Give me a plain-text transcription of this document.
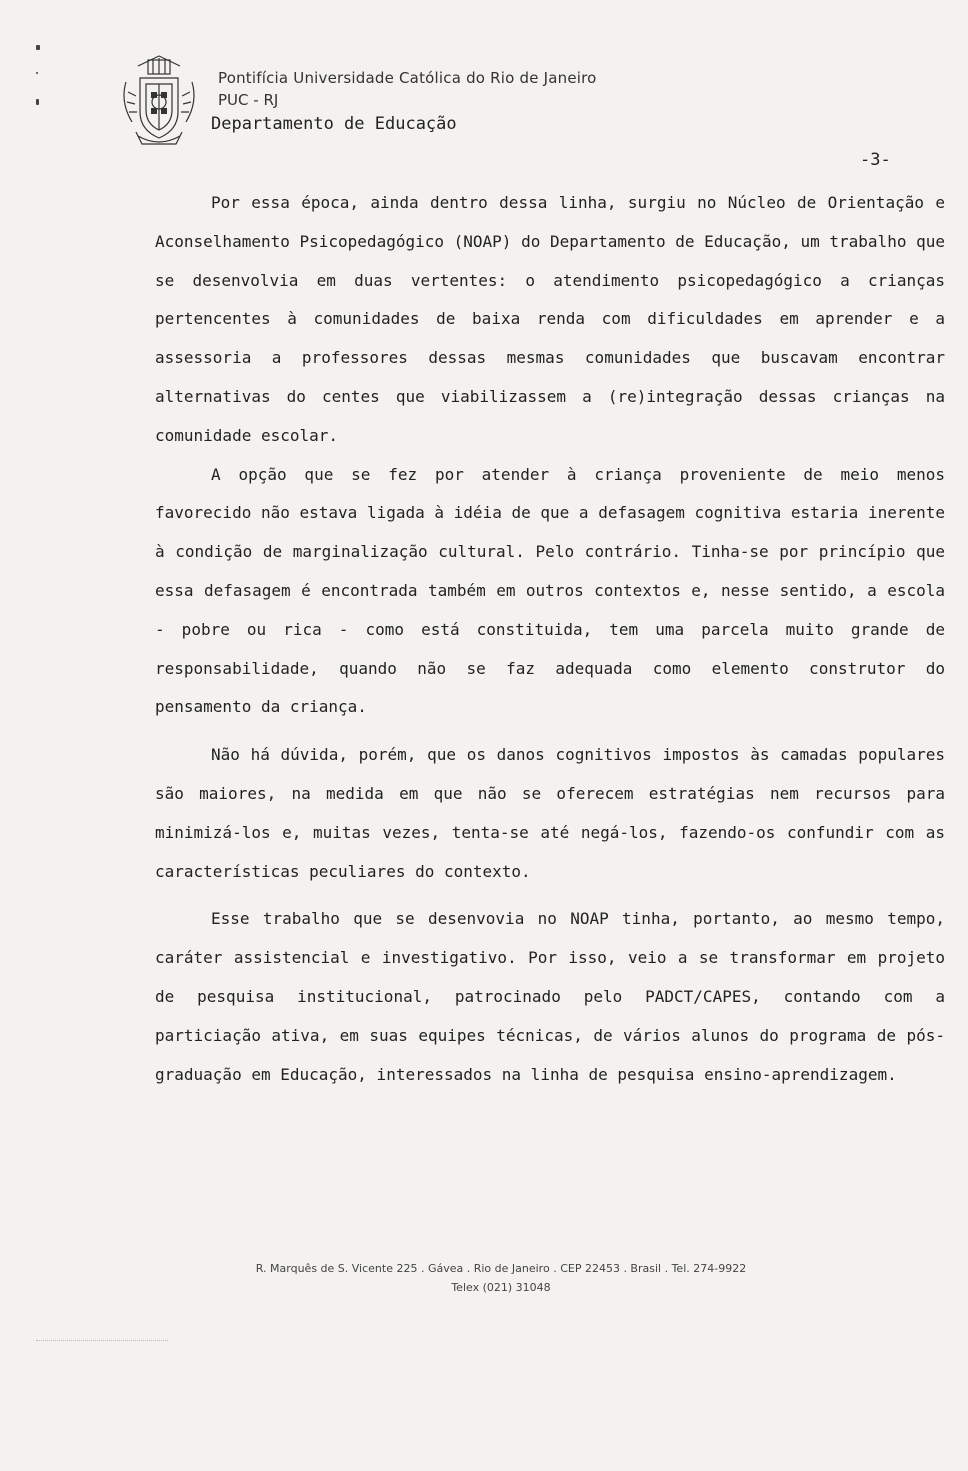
Pontifícia Universidade Católica do Rio de Janeiro
PUC - RJ
Departamento de Educação
-3-

Por essa época, ainda dentro dessa linha, surgiu no Núcleo de Orientação e Aconselhamento Psicopedagógico (NOAP) do Departamento de Educação, um trabalho que se desenvolvia em duas vertentes: o atendimento psicopedagógico a crianças pertencentes à comunidades de baixa renda com dificuldades em aprender e a assessoria a professores dessas mesmas comunidades que buscavam encontrar alternativas do centes que viabilizassem a (re)integração dessas crianças na comunidade escolar.

A opção que se fez por atender à criança proveniente de meio menos favorecido não estava ligada à idéia de que a defasagem cognitiva estaria inerente à condição de marginalização cultural. Pelo contrário. Tinha-se por princípio que essa defasagem é encontrada também em outros contextos e, nesse sentido, a escola - pobre ou rica - como está constituida, tem uma parcela muito grande de responsabilidade, quando não se faz adequada como elemento construtor do pensamento da criança.

Não há dúvida, porém, que os danos cognitivos impostos às camadas populares são maiores, na medida em que não se oferecem estratégias nem recursos para minimizá-los e, muitas vezes, tenta-se até negá-los, fazendo-os confundir com as características peculiares do contexto.

Esse trabalho que se desenvovia no NOAP tinha, portanto, ao mesmo tempo, caráter assistencial e investigativo. Por isso, veio a se transformar em projeto de pesquisa institucional, patrocinado pelo PADCT/CAPES, contando com a particiação ativa, em suas equipes técnicas, de vários alunos do programa de pós-graduação em Educação, interessados na linha de pesquisa ensino-aprendizagem.

R. Marquês de S. Vicente 225 . Gávea . Rio de Janeiro . CEP 22453 . Brasil . Tel. 274-9922
Telex (021) 31048
